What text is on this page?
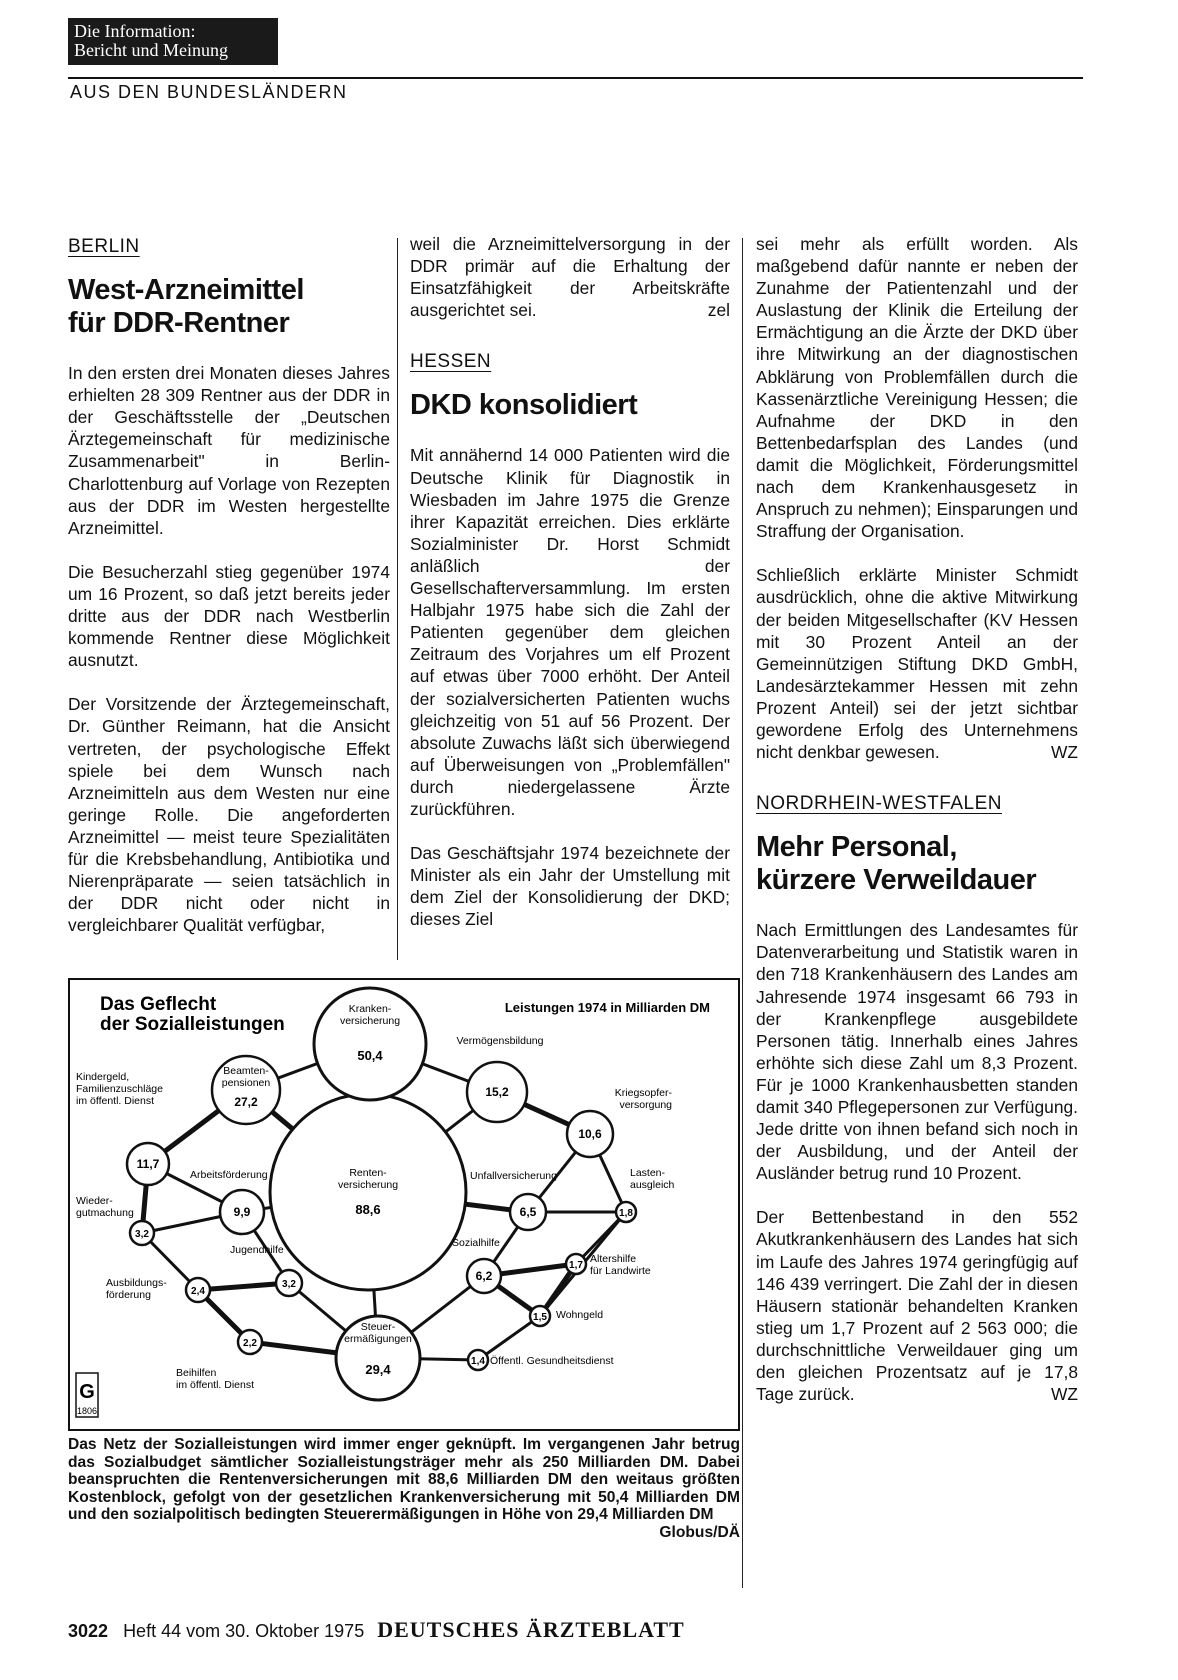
Die Information:
Bericht und Meinung
AUS DEN BUNDESLÄNDERN
BERLIN
West-Arzneimittel
für DDR-Rentner

In den ersten drei Monaten dieses Jahres erhielten 28 309 Rentner aus der DDR in der Geschäftsstelle der „Deutschen Ärztegemeinschaft für medizinische Zusammenarbeit" in Berlin-Charlottenburg auf Vorlage von Rezepten aus der DDR im Westen hergestellte Arzneimittel.

Die Besucherzahl stieg gegenüber 1974 um 16 Prozent, so daß jetzt bereits jeder dritte aus der DDR nach Westberlin kommende Rentner diese Möglichkeit ausnutzt.

Der Vorsitzende der Ärztegemeinschaft, Dr. Günther Reimann, hat die Ansicht vertreten, der psychologische Effekt spiele bei dem Wunsch nach Arzneimitteln aus dem Westen nur eine geringe Rolle. Die angeforderten Arzneimittel — meist teure Spezialitäten für die Krebsbehandlung, Antibiotika und Nierenpräparate — seien tatsächlich in der DDR nicht oder nicht in vergleichbarer Qualität verfügbar,

weil die Arzneimittelversorgung in der DDR primär auf die Erhaltung der Einsatzfähigkeit der Arbeitskräfte ausgerichtet sei.	zel

HESSEN
DKD konsolidiert

Mit annähernd 14 000 Patienten wird die Deutsche Klinik für Diagnostik in Wiesbaden im Jahre 1975 die Grenze ihrer Kapazität erreichen. Dies erklärte Sozialminister Dr. Horst Schmidt anläßlich der Gesellschafterversammlung. Im ersten Halbjahr 1975 habe sich die Zahl der Patienten gegenüber dem gleichen Zeitraum des Vorjahres um elf Prozent auf etwas über 7000 erhöht. Der Anteil der sozialversicherten Patienten wuchs gleichzeitig von 51 auf 56 Prozent. Der absolute Zuwachs läßt sich überwiegend auf Überweisungen von „Problemfällen" durch niedergelassene Ärzte zurückführen.

Das Geschäftsjahr 1974 bezeichnete der Minister als ein Jahr der Umstellung mit dem Ziel der Konsolidierung der DKD; dieses Ziel

sei mehr als erfüllt worden. Als maßgebend dafür nannte er neben der Zunahme der Patientenzahl und der Auslastung der Klinik die Erteilung der Ermächtigung an die Ärzte der DKD über ihre Mitwirkung an der diagnostischen Abklärung von Problemfällen durch die Kassenärztliche Vereinigung Hessen; die Aufnahme der DKD in den Bettenbedarfsplan des Landes (und damit die Möglichkeit, Förderungsmittel nach dem Krankenhausgesetz in Anspruch zu nehmen); Einsparungen und Straffung der Organisation.

Schließlich erklärte Minister Schmidt ausdrücklich, ohne die aktive Mitwirkung der beiden Mitgesellschafter (KV Hessen mit 30 Prozent Anteil an der Gemeinnützigen Stiftung DKD GmbH, Landesärztekammer Hessen mit zehn Prozent Anteil) sei der jetzt sichtbar gewordene Erfolg des Unternehmens nicht denkbar gewesen.	WZ

NORDRHEIN-WESTFALEN
Mehr Personal,
kürzere Verweildauer

Nach Ermittlungen des Landesamtes für Datenverarbeitung und Statistik waren in den 718 Krankenhäusern des Landes am Jahresende 1974 insgesamt 66 793 in der Krankenpflege ausgebildete Personen tätig. Innerhalb eines Jahres erhöhte sich diese Zahl um 8,3 Prozent. Für je 1000 Krankenhausbetten standen damit 340 Pflegepersonen zur Verfügung. Jede dritte von ihnen befand sich noch in der Ausbildung, und der Anteil der Ausländer betrug rund 10 Prozent.

Der Bettenbestand in den 552 Akutkrankenhäusern des Landes hat sich im Laufe des Jahres 1974 geringfügig auf 146 439 verringert. Die Zahl der in diesen Häusern stationär behandelten Kranken stieg um 1,7 Prozent auf 2 563 000; die durchschnittliche Verweildauer ging um den gleichen Prozentsatz auf je 17,8 Tage zurück.	WZ

88,6
Renten-
versicherung
50,4
Kranken-
versicherung
29,4
Steuer-
ermäßigungen
27,2
Beamten-
pensionen
15,2
Vermögensbildung
11,7
Kindergeld,
Familienzuschläge
im öffentl. Dienst
10,6
Kriegsopfer-
versorgung
9,9
Arbeitsförderung
6,5
Unfallversicherung
6,2
Sozialhilfe
3,2
Wieder-
gutmachung
3,2
Jugendhilfe
2,4
Ausbildungs-
förderung
2,2
Beihilfen
im öffentl. Dienst
1,8
Lasten-
ausgleich
1,7
Altershilfe
für Landwirte
1,5 Wohngeld
1,4 Öffentl. Gesundheitsdienst
Das Geflecht
der Sozialleistungen
Leistungen 1974 in Milliarden DM
G
1806
Das Netz der Sozialleistungen wird immer enger geknüpft. Im vergangenen Jahr betrug das Sozialbudget sämtlicher Sozialleistungsträger mehr als 250 Milliarden DM. Dabei beanspruchten die Rentenversicherungen mit 88,6 Milliarden DM den weitaus größten Kostenblock, gefolgt von der gesetzlichen Krankenversicherung mit 50,4 Milliarden DM und den sozialpolitisch bedingten Steuerermäßigungen in Höhe von 29,4 Milliarden DM
Globus/DÄ
3022 Heft 44 vom 30. Oktober 1975 DEUTSCHES ÄRZTEBLATT
